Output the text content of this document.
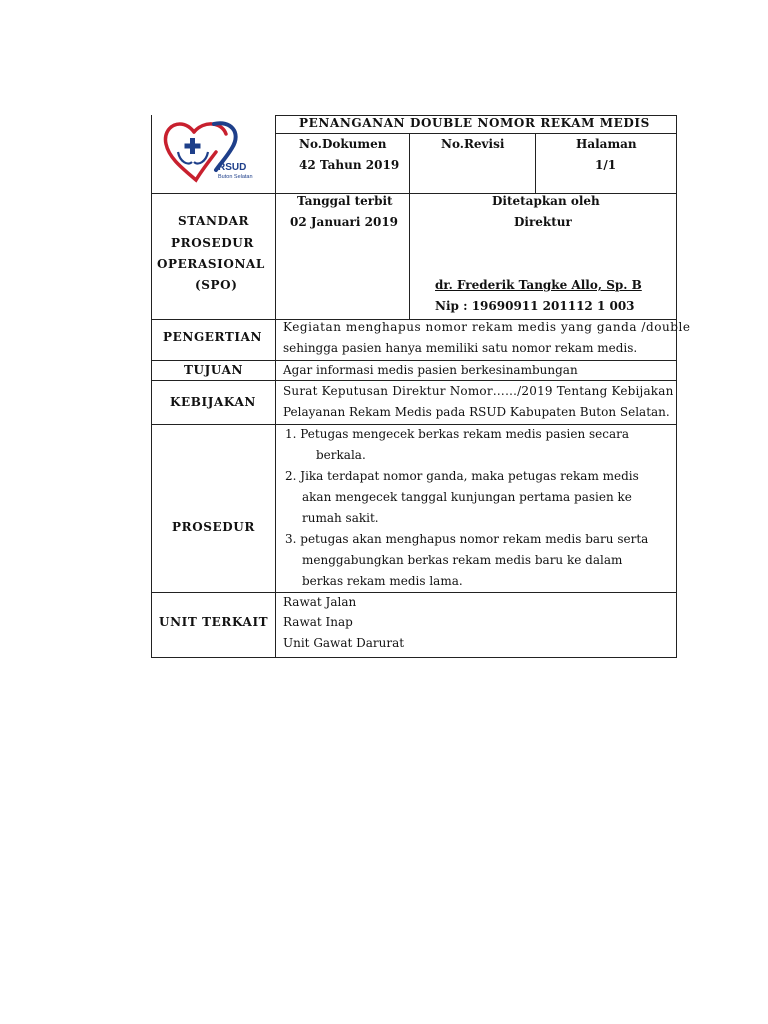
RSUD
Buton Selatan
PENANGANAN DOUBLE NOMOR REKAM MEDIS
No.Dokumen
42 Tahun 2019
No.Revisi	Halaman
1/1
STANDAR
PROSEDUR
OPERASIONAL
(SPO)
Tanggal terbit
02 Januari 2019
Ditetapkan oleh
Direktur
dr. Frederik Tangke Allo, Sp. B
Nip : 19690911 201112 1 003
PENGERTIAN
Kegiatan menghapus nomor rekam medis yang ganda /double
sehingga pasien hanya memiliki satu nomor rekam medis.
TUJUAN	Agar informasi medis pasien berkesinambungan
KEBIJAKAN
Surat Keputusan Direktur Nomor……/2019 Tentang Kebijakan
Pelayanan Rekam Medis pada RSUD Kabupaten Buton Selatan.
PROSEDUR
1. Petugas mengecek berkas rekam medis pasien secara
berkala.
2. Jika terdapat nomor ganda, maka petugas rekam medis
akan mengecek tanggal kunjungan pertama pasien ke
rumah sakit.
3. petugas akan menghapus nomor rekam medis baru serta
menggabungkan berkas rekam medis baru ke dalam
berkas rekam medis lama.
UNIT TERKAIT
Rawat Jalan
Rawat Inap
Unit Gawat Darurat
